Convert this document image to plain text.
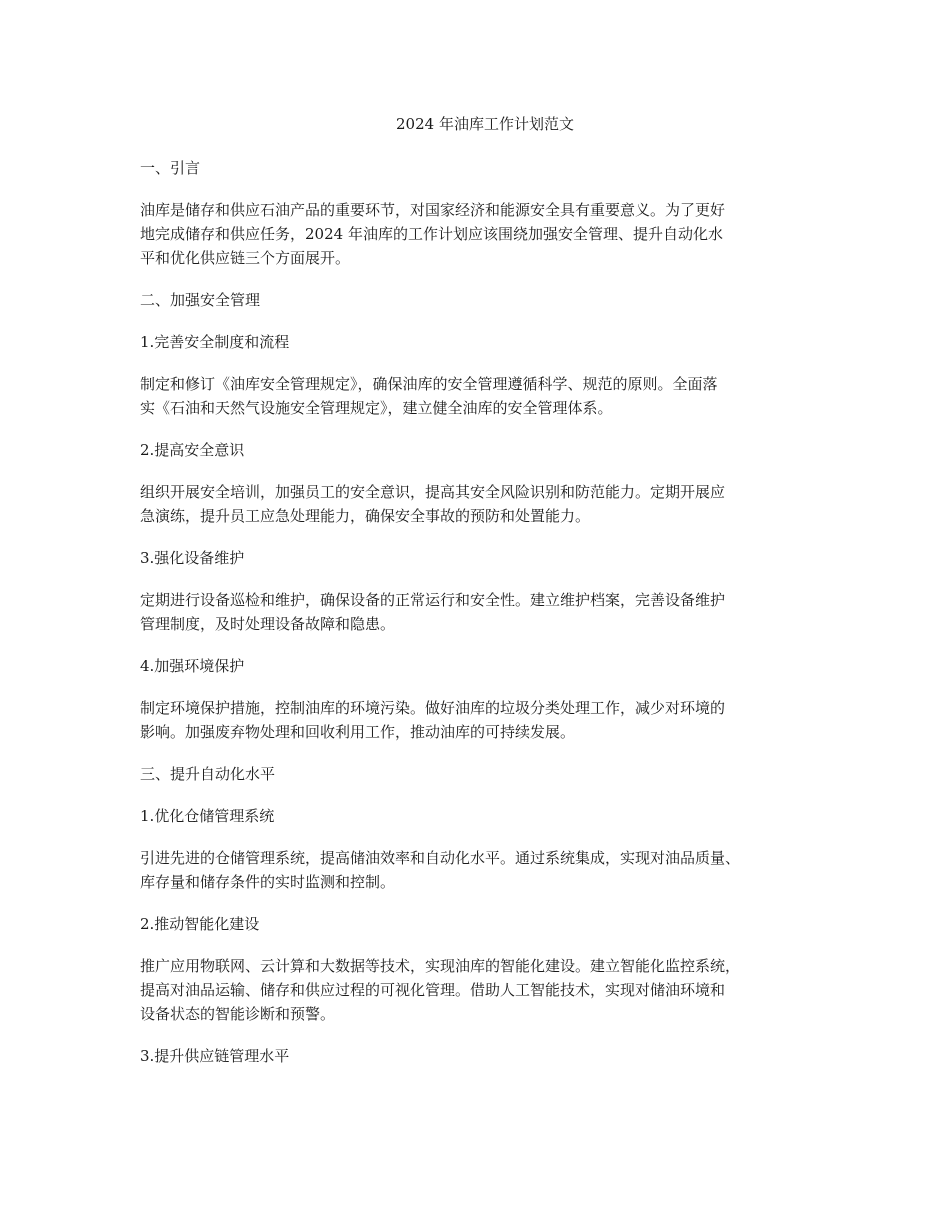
2024 年油库工作计划范文
一、引言
油库是储存和供应石油产品的重要环节，对国家经济和能源安全具有重要意义。为了更好
地完成储存和供应任务，2024 年油库的工作计划应该围绕加强安全管理、提升自动化水
平和优化供应链三个方面展开。
二、加强安全管理
1.完善安全制度和流程
制定和修订《油库安全管理规定》，确保油库的安全管理遵循科学、规范的原则。全面落
实《石油和天然气设施安全管理规定》，建立健全油库的安全管理体系。
2.提高安全意识
组织开展安全培训，加强员工的安全意识，提高其安全风险识别和防范能力。定期开展应
急演练，提升员工应急处理能力，确保安全事故的预防和处置能力。
3.强化设备维护
定期进行设备巡检和维护，确保设备的正常运行和安全性。建立维护档案，完善设备维护
管理制度，及时处理设备故障和隐患。
4.加强环境保护
制定环境保护措施，控制油库的环境污染。做好油库的垃圾分类处理工作，减少对环境的
影响。加强废弃物处理和回收利用工作，推动油库的可持续发展。
三、提升自动化水平
1.优化仓储管理系统
引进先进的仓储管理系统，提高储油效率和自动化水平。通过系统集成，实现对油品质量、
库存量和储存条件的实时监测和控制。
2.推动智能化建设
推广应用物联网、云计算和大数据等技术，实现油库的智能化建设。建立智能化监控系统，
提高对油品运输、储存和供应过程的可视化管理。借助人工智能技术，实现对储油环境和
设备状态的智能诊断和预警。
3.提升供应链管理水平
